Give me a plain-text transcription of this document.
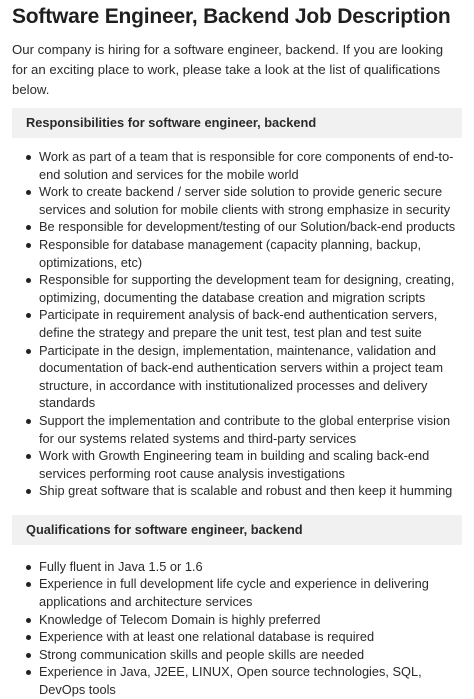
Software Engineer, Backend Job Description

Our company is hiring for a software engineer, backend. If you are looking for an exciting place to work, please take a look at the list of qualifications below.

Responsibilities for software engineer, backend
Work as part of a team that is responsible for core components of end-to-end solution and services for the mobile world
Work to create backend / server side solution to provide generic secure services and solution for mobile clients with strong emphasize in security
Be responsible for development/testing of our Solution/back-end products
Responsible for database management (capacity planning, backup, optimizations, etc)
Responsible for supporting the development team for designing, creating, optimizing, documenting the database creation and migration scripts
Participate in requirement analysis of back-end authentication servers, define the strategy and prepare the unit test, test plan and test suite
Participate in the design, implementation, maintenance, validation and documentation of back-end authentication servers within a project team structure, in accordance with institutionalized processes and delivery standards
Support the implementation and contribute to the global enterprise vision for our systems related systems and third-party services
Work with Growth Engineering team in building and scaling back-end services performing root cause analysis investigations
Ship great software that is scalable and robust and then keep it humming
Qualifications for software engineer, backend
Fully fluent in Java 1.5 or 1.6
Experience in full development life cycle and experience in delivering applications and architecture services
Knowledge of Telecom Domain is highly preferred
Experience with at least one relational database is required
Strong communication skills and people skills are needed
Experience in Java, J2EE, LINUX, Open source technologies, SQL, DevOps tools
